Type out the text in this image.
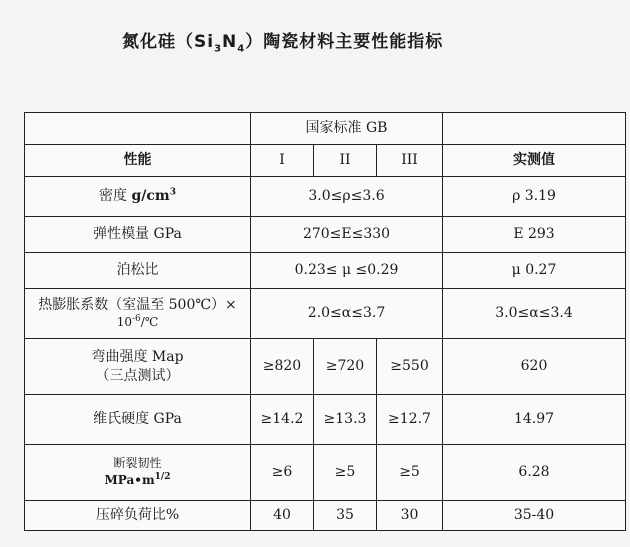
氮化硅$(Si_3N_4)$陶瓷材料主要性能指标
	国家标准 GB			
性能	I	II	III	实测值
密度 $g/cm^3$	3.0≤ρ≤3.6			ρ 3.19
弹性模量 GPa	270≤E≤330			E 293
泊松比	0.23≤ μ ≤0.29			μ 0.27

热膨胀系数（室温至 500℃）×
$10^{-6}/℃$	2.0≤α≤3.7			3.0≤α≤3.4

弯曲强度 Map
（三点测试）	≥820	≥720	≥550	620
维氏硬度 GPa	≥14.2	≥13.3	≥12.7	14.97

断裂韧性
$MPa•m^{1/2}$	≥6	≥5	≥5	6.28
压碎负荷比%	40	35	30	35-40
